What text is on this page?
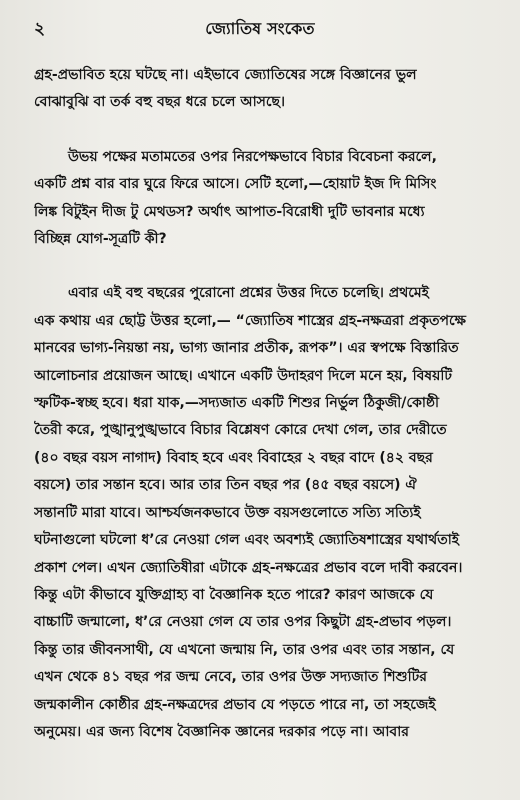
২	জ্যোতিষ সংকেত
গ্রহ-প্রভাবিত হয়ে ঘটছে না। এইভাবে জ্যোতিষের সঙ্গে বিজ্ঞানের ভুল
বোঝাবুঝি বা তর্ক বহু বছর ধরে চলে আসছে।
উভয় পক্ষের মতামতের ওপর নিরপেক্ষভাবে বিচার বিবেচনা করলে,
একটি প্রশ্ন বার বার ঘুরে ফিরে আসে। সেটি হলো,—হোয়াট ইজ দি মিসিং
লিঙ্ক বিটুইন দীজ টু মেথডস? অর্থাৎ আপাত-বিরোধী দুটি ভাবনার মধ্যে
বিচ্ছিন্ন যোগ-সূত্রটি কী?
এবার এই বহু বছরের পুরোনো প্রশ্নের উত্তর দিতে চলেছি। প্রথমেই
এক কথায় এর ছোট্ট উত্তর হলো,— “জ্যোতিষ শাস্ত্রের গ্রহ-নক্ষত্ররা প্রকৃতপক্ষে
মানবের ভাগ্য-নিয়ন্তা নয়, ভাগ্য জানার প্রতীক, রূপক”। এর স্বপক্ষে বিস্তারিত
আলোচনার প্রয়োজন আছে। এখানে একটি উদাহরণ দিলে মনে হয়, বিষয়টি
স্ফটিক-স্বচ্ছ হবে। ধরা যাক,—সদ্যজাত একটি শিশুর নির্ভুল ঠিকুজী/কোষ্ঠী
তৈরী করে, পুঙ্খানুপুঙ্খভাবে বিচার বিশ্লেষণ কোরে দেখা গেল, তার দেরীতে
(৪০ বছর বয়স নাগাদ) বিবাহ হবে এবং বিবাহের ২ বছর বাদে (৪২ বছর
বয়সে) তার সন্তান হবে। আর তার তিন বছর পর (৪৫ বছর বয়সে) ঐ
সন্তানটি মারা যাবে। আশ্চর্যজনকভাবে উক্ত বয়সগুলোতে সত্যি সত্যিই
ঘটনাগুলো ঘটলো ধ’রে নেওয়া গেল এবং অবশ্যই জ্যোতিষশাস্ত্রের যথার্থতাই
প্রকাশ পেল। এখন জ্যোতিষীরা এটাকে গ্রহ-নক্ষত্রের প্রভাব বলে দাবী করবেন।
কিন্তু এটা কীভাবে যুক্তিগ্রাহ্য বা বৈজ্ঞানিক হতে পারে? কারণ আজকে যে
বাচ্চাটি জন্মালো, ধ’রে নেওয়া গেল যে তার ওপর কিছুটা গ্রহ-প্রভাব পড়ল।
কিন্তু তার জীবনসাথী, যে এখনো জন্মায় নি, তার ওপর এবং তার সন্তান, যে
এখন থেকে ৪১ বছর পর জন্ম নেবে, তার ওপর উক্ত সদ্যজাত শিশুটির
জন্মকালীন কোষ্ঠীর গ্রহ-নক্ষত্রদের প্রভাব যে পড়তে পারে না, তা সহজেই
অনুমেয়। এর জন্য বিশেষ বৈজ্ঞানিক জ্ঞানের দরকার পড়ে না। আবার
